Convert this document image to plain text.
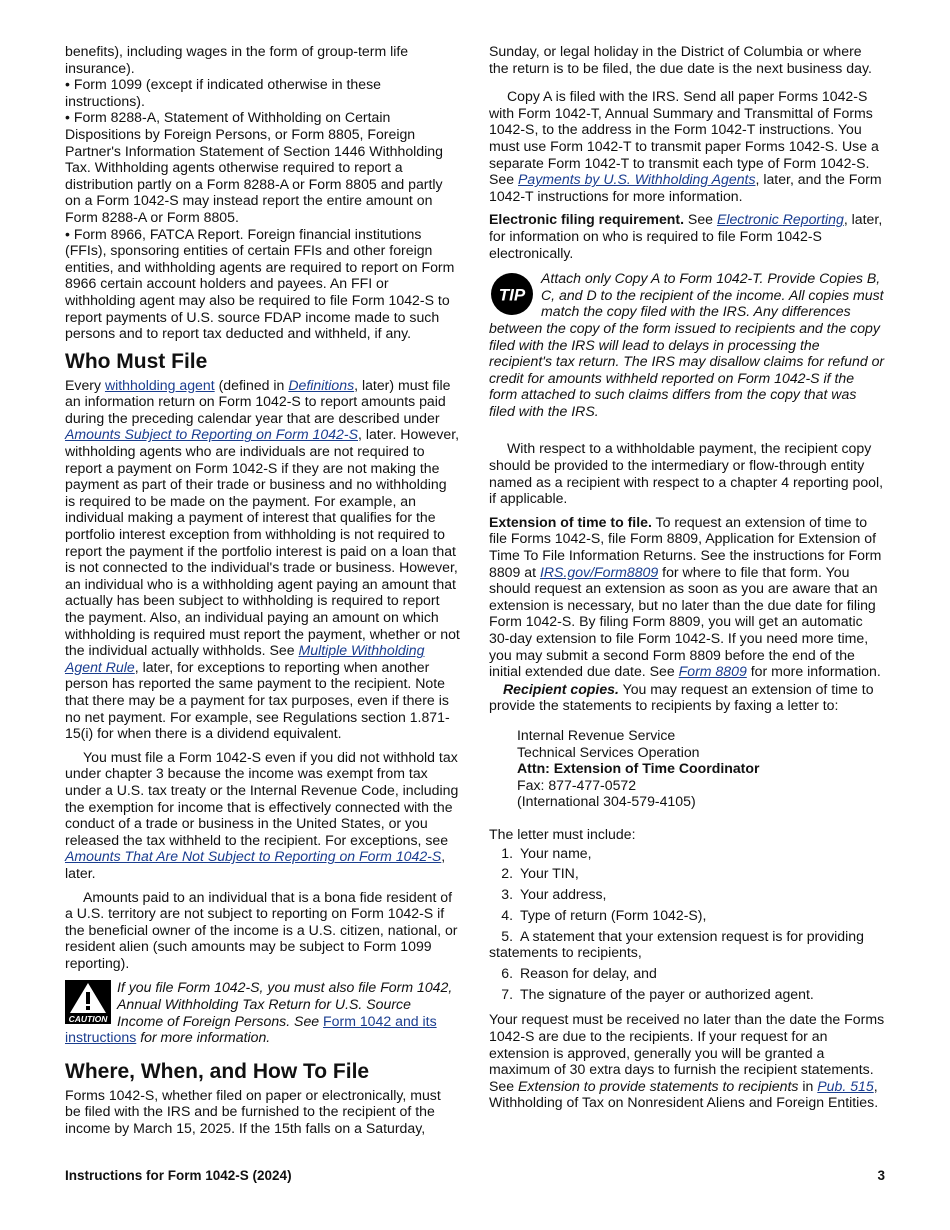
benefits), including wages in the form of group-term life insurance).

• Form 1099 (except if indicated otherwise in these instructions).

• Form 8288-A, Statement of Withholding on Certain Dispositions by Foreign Persons, or Form 8805, Foreign Partner's Information Statement of Section 1446 Withholding Tax. Withholding agents otherwise required to report a distribution partly on a Form 8288-A or Form 8805 and partly on a Form 1042-S may instead report the entire amount on Form 8288-A or Form 8805.

• Form 8966, FATCA Report. Foreign financial institutions (FFIs), sponsoring entities of certain FFIs and other foreign entities, and withholding agents are required to report on Form 8966 certain account holders and payees. An FFI or withholding agent may also be required to file Form 1042-S to report payments of U.S. source FDAP income made to such persons and to report tax deducted and withheld, if any.

Who Must File

Every withholding agent (defined in Definitions, later) must file an information return on Form 1042-S to report amounts paid during the preceding calendar year that are described under Amounts Subject to Reporting on Form 1042-S, later. However, withholding agents who are individuals are not required to report a payment on Form 1042-S if they are not making the payment as part of their trade or business and no withholding is required to be made on the payment. For example, an individual making a payment of interest that qualifies for the portfolio interest exception from withholding is not required to report the payment if the portfolio interest is paid on a loan that is not connected to the individual's trade or business. However, an individual who is a withholding agent paying an amount that actually has been subject to withholding is required to report the payment. Also, an individual paying an amount on which withholding is required must report the payment, whether or not the individual actually withholds. See Multiple Withholding Agent Rule, later, for exceptions to reporting when another person has reported the same payment to the recipient. Note that there may be a payment for tax purposes, even if there is no net payment. For example, see Regulations section 1.871-15(i) for when there is a dividend equivalent.

You must file a Form 1042-S even if you did not withhold tax under chapter 3 because the income was exempt from tax under a U.S. tax treaty or the Internal Revenue Code, including the exemption for income that is effectively connected with the conduct of a trade or business in the United States, or you released the tax withheld to the recipient. For exceptions, see Amounts That Are Not Subject to Reporting on Form 1042-S, later.

Amounts paid to an individual that is a bona fide resident of a U.S. territory are not subject to reporting on Form 1042-S if the beneficial owner of the income is a U.S. citizen, national, or resident alien (such amounts may be subject to Form 1099 reporting).

CAUTION
If you file Form 1042-S, you must also file Form 1042, Annual Withholding Tax Return for U.S. Source Income of Foreign Persons. See Form 1042 and its instructions for more information.
Where, When, and How To File

Forms 1042-S, whether filed on paper or electronically, must be filed with the IRS and be furnished to the recipient of the income by March 15, 2025. If the 15th falls on a Saturday,

Sunday, or legal holiday in the District of Columbia or where the return is to be filed, the due date is the next business day.

Copy A is filed with the IRS. Send all paper Forms 1042-S with Form 1042-T, Annual Summary and Transmittal of Forms 1042-S, to the address in the Form 1042-T instructions. You must use Form 1042-T to transmit paper Forms 1042-S. Use a separate Form 1042-T to transmit each type of Form 1042-S. See Payments by U.S. Withholding Agents, later, and the Form 1042-T instructions for more information.

Electronic filing requirement. See Electronic Reporting, later, for information on who is required to file Form 1042-S electronically.

TIP
Attach only Copy A to Form 1042-T. Provide Copies B, C, and D to the recipient of the income. All copies must match the copy filed with the IRS. Any differences between the copy of the form issued to recipients and the copy filed with the IRS will lead to delays in processing the recipient's tax return. The IRS may disallow claims for refund or credit for amounts withheld reported on Form 1042-S if the form attached to such claims differs from the copy that was filed with the IRS.

With respect to a withholdable payment, the recipient copy should be provided to the intermediary or flow-through entity named as a recipient with respect to a chapter 4 reporting pool, if applicable.

Extension of time to file. To request an extension of time to file Forms 1042-S, file Form 8809, Application for Extension of Time To File Information Returns. See the instructions for Form 8809 at IRS.gov/Form8809 for where to file that form. You should request an extension as soon as you are aware that an extension is necessary, but no later than the due date for filing Form 1042-S. By filing Form 8809, you will get an automatic 30-day extension to file Form 1042-S. If you need more time, you may submit a second Form 8809 before the end of the initial extended due date. See Form 8809 for more information.

Recipient copies. You may request an extension of time to provide the statements to recipients by faxing a letter to:

Internal Revenue Service
Technical Services Operation
Attn: Extension of Time Coordinator
Fax: 877-477-0572
(International 304-579-4105)

The letter must include:

1. Your name,
2. Your TIN,
3. Your address,
4. Type of return (Form 1042-S),
5. A statement that your extension request is for providing statements to recipients,
6. Reason for delay, and
7. The signature of the payer or authorized agent.

Your request must be received no later than the date the Forms 1042-S are due to the recipients. If your request for an extension is approved, generally you will be granted a maximum of 30 extra days to furnish the recipient statements. See Extension to provide statements to recipients in Pub. 515, Withholding of Tax on Nonresident Aliens and Foreign Entities.

Instructions for Form 1042-S (2024)	3
